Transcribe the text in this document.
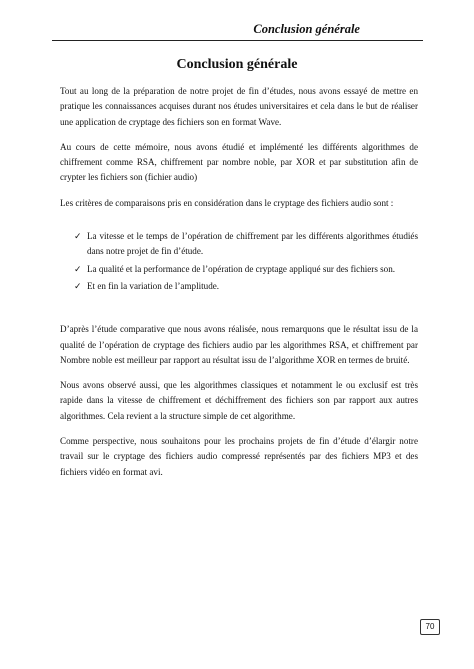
Conclusion générale
Conclusion générale

Tout au long de la préparation de notre projet de fin d’études, nous avons essayé de mettre en pratique les connaissances acquises durant nos études universitaires et cela dans le but de réaliser une application de cryptage des fichiers son en format Wave.

Au cours de cette mémoire, nous avons étudié et implémenté les différents algorithmes de chiffrement comme RSA, chiffrement par nombre noble, par XOR et par substitution afin de crypter les fichiers son (fichier audio)

Les critères de comparaisons pris en considération dans le cryptage des fichiers audio sont :

✓ La vitesse et le temps de l’opération de chiffrement par les différents algorithmes étudiés dans notre projet de fin d’étude.
✓ La qualité et la performance de l’opération de cryptage appliqué sur des fichiers son.
✓ Et en fin la variation de l’amplitude.

D’après l’étude comparative que nous avons réalisée, nous remarquons que le résultat issu de la qualité de l’opération de cryptage des fichiers audio par les algorithmes RSA, et chiffrement par Nombre noble est meilleur par rapport au résultat issu de l’algorithme XOR en termes de bruité.

Nous avons observé aussi, que les algorithmes classiques et notamment le ou exclusif est très rapide dans la vitesse de chiffrement et déchiffrement des fichiers son par rapport aux autres algorithmes. Cela revient a la structure simple de cet algorithme.

Comme perspective, nous souhaitons pour les prochains projets de fin d’étude d’élargir notre travail sur le cryptage des fichiers audio compressé représentés par des fichiers MP3 et des fichiers vidéo en format avi.

70
